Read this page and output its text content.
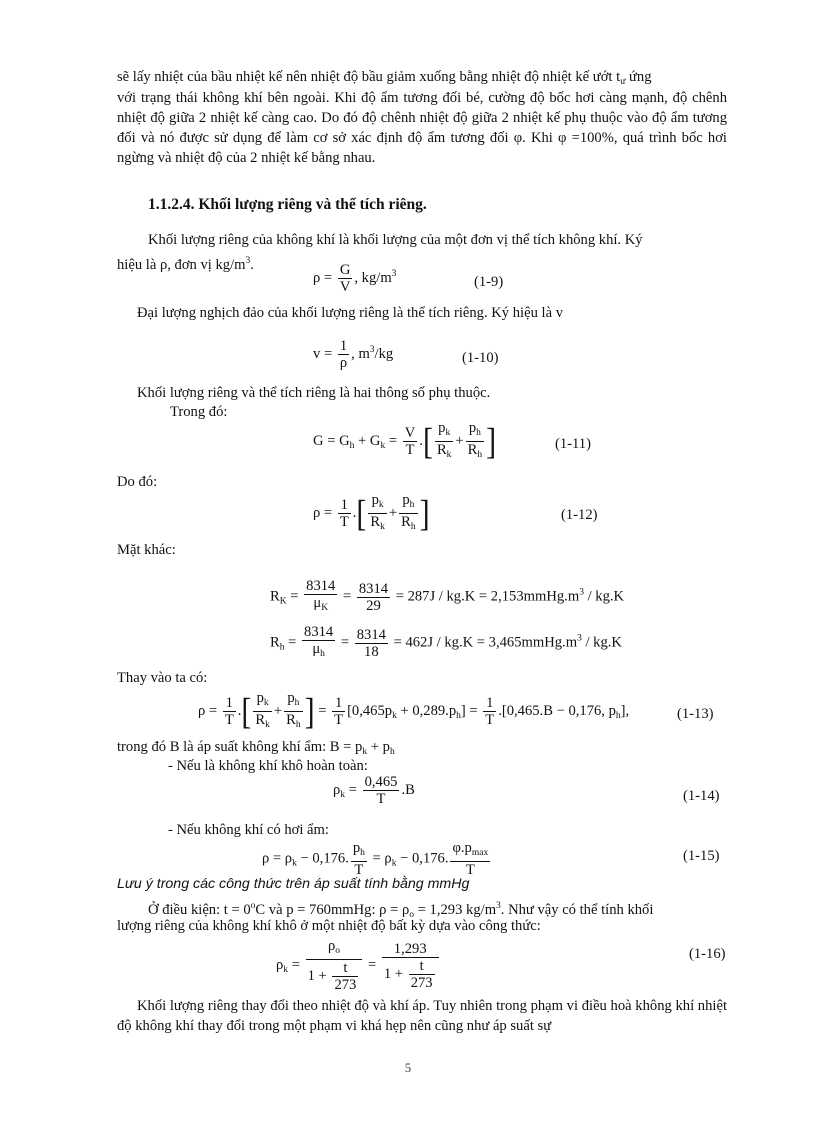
sẽ lấy nhiệt của bầu nhiệt kế nên nhiệt độ bầu giảm xuống bằng nhiệt độ nhiệt kế ướt $t_ư$ ứng

với trạng thái không khí bên ngoài. Khi độ ẩm tương đối bé, cường độ bốc hơi càng mạnh, độ chênh nhiệt độ giữa 2 nhiệt kế càng cao. Do đó độ chênh nhiệt độ giữa 2 nhiệt kế phụ thuộc vào độ ẩm tương đối và nó được sử dụng để làm cơ sở xác định độ ẩm tương đối φ. Khi φ =100%, quá trình bốc hơi ngừng và nhiệt độ của 2 nhiệt kế bằng nhau.

1.1.2.4. Khối lượng riêng và thể tích riêng.
Khối lượng riêng của không khí là khối lượng của một đơn vị thể tích không khí. Ký
hiệu là ρ, đơn vị $kg/m^3$.
$\rho = \frac{G}{V}$ , $kg/m^3$
(1-9)
Đại lượng nghịch đảo của khối lượng riêng là thể tích riêng. Ký hiệu là v
$v = \frac{1}{\rho}$ , $m^3/kg$	(1-10)
Khối lượng riêng và thể tích riêng là hai thông số phụ thuộc.
Trong đó:
$G = G_h + G_k = \frac{V}{T}$ .[ $\frac{p_k}{R_k} + \frac{p_h}{R_h}$ ]	(1-11)
Do đó:
$\rho = \frac{1}{T}$ .[ $\frac{p_k}{R_k} + \frac{p_h}{R_h}$ ]	(1-12)
Mặt khác:
$R_K = \frac{8314}{\mu_K} = \frac{8314}{29} = 287J / kg.K$ = $2,153mmHg.m^3 / kg.K$
$R_h = \frac{8314}{\mu_h} = \frac{8314}{18} = 462J / kg.K$ = $3,465mmHg.m^3 / kg.K$
Thay vào ta có:
$\rho = \frac{1}{T}$ .[ $\frac{p_k}{R_k} + \frac{p_h}{R_h}$ ] = $\frac{1}{T} [0,465p_k + 0,289.p_h] = \frac{1}{T} .[0,465.B - 0,176$, $p_h$],	(1-13)
trong đó B là áp suất không khí ẩm: $B = p_k + p_h$
- Nếu là không khí khô hoàn toàn:
$\rho_k = \frac{0,465}{T} .B$	(1-14)
- Nếu không khí có hơi ẩm:
$\rho = \rho_k - 0,176$. $\frac{p_h}{T} = \rho_k - 0,176$.
$\varphi.p_{max}$
T
(1-15)
Lưu ý trong các công thức trên áp suất tính bằng mmHg
Ở điều kiện: $t = 0^oC$ và p = 760mmHg: $\rho = \rho_o = 1,293$ $kg/m^3$. Như vậy có thể tính khối
lượng riêng của không khí khô ở một nhiệt độ bất kỳ dựa vào công thức:
$\rho_k = \frac{\rho_o}{1 + \frac{t}{273}} = \frac{1,293}{1 + \frac{t}{273}}$	(1-16)

Khối lượng riêng thay đổi theo nhiệt độ và khí áp. Tuy nhiên trong phạm vi điều hoà không khí nhiệt độ không khí thay đổi trong một phạm vi khá hẹp nên cũng như áp suất sự

5
